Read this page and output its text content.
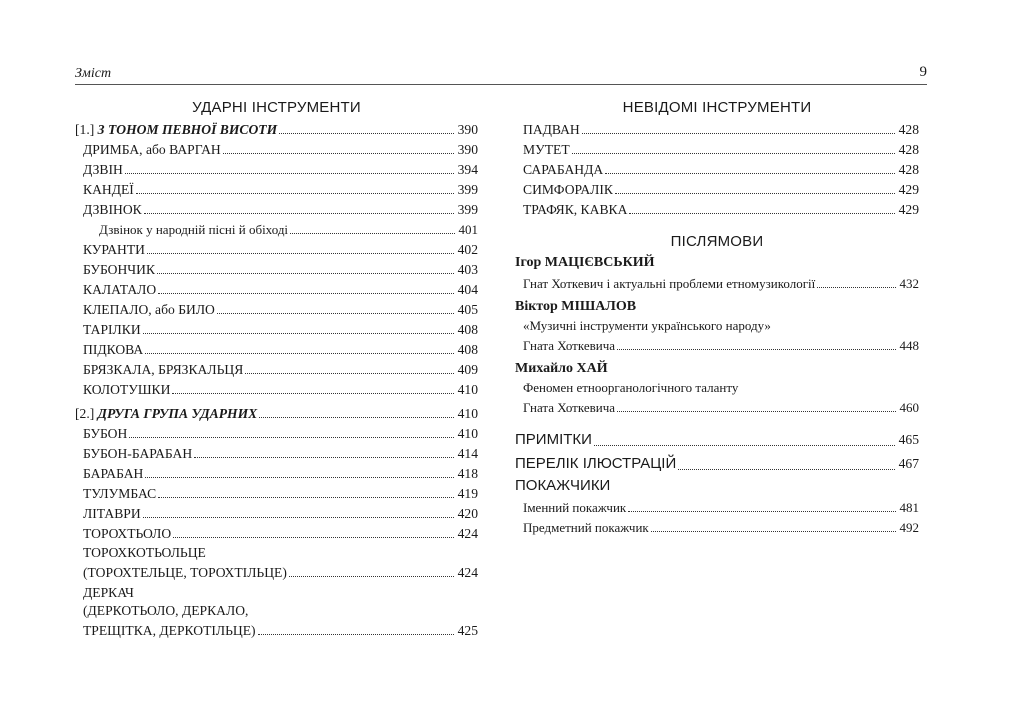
Зміст	9
УДАРНІ ІНСТРУМЕНТИ
[1.] З ТОНОМ ПЕВНОЇ ВИСОТИ	390
ДРИМБА, або ВАРГАН	390
ДЗВІН	394
КАНДЕЇ	399
ДЗВІНОК	399
Дзвінок у народній пісні й обіході	401
КУРАНТИ	402
БУБОНЧИК	403
КАЛАТАЛО	404
КЛЕПАЛО, або БИЛО	405
ТАРІЛКИ	408
ПІДКОВА	408
БРЯЗКАЛА, БРЯЗКАЛЬЦЯ	409
КОЛОТУШКИ	410
[2.] ДРУГА ГРУПА УДАРНИХ	410
БУБОН	410
БУБОН-БАРАБАН	414
БАРАБАН	418
ТУЛУМБАС	419
ЛІТАВРИ	420
ТОРОХТЬОЛО	424
ТОРОХКОТЬОЛЬЦЕ
(ТОРОХТЕЛЬЦЕ, ТОРОХТІЛЬЦЕ)	424
ДЕРКАЧ
(ДЕРКОТЬОЛО, ДЕРКАЛО,
ТРЕЩІТКА, ДЕРКОТІЛЬЦЕ)	425
НЕВІДОМІ ІНСТРУМЕНТИ
ПАДВАН	428
МУТЕТ	428
САРАБАНДА	428
СИМФОРАЛІК	429
ТРАФЯК, КАВКА	429
ПІСЛЯМОВИ
Ігор МАЦІЄВСЬКИЙ
Гнат Хоткевич і актуальні проблеми етномузикології	432
Віктор МІШАЛОВ
«Музичні інструменти українського народу»
Гната Хоткевича	448
Михайло ХАЙ
Феномен етноорганологічного таланту
Гната Хоткевича	460
ПРИМІТКИ	465
ПЕРЕЛІК ІЛЮСТРАЦІЙ	467
ПОКАЖЧИКИ
Іменний покажчик	481
Предметний покажчик	492
